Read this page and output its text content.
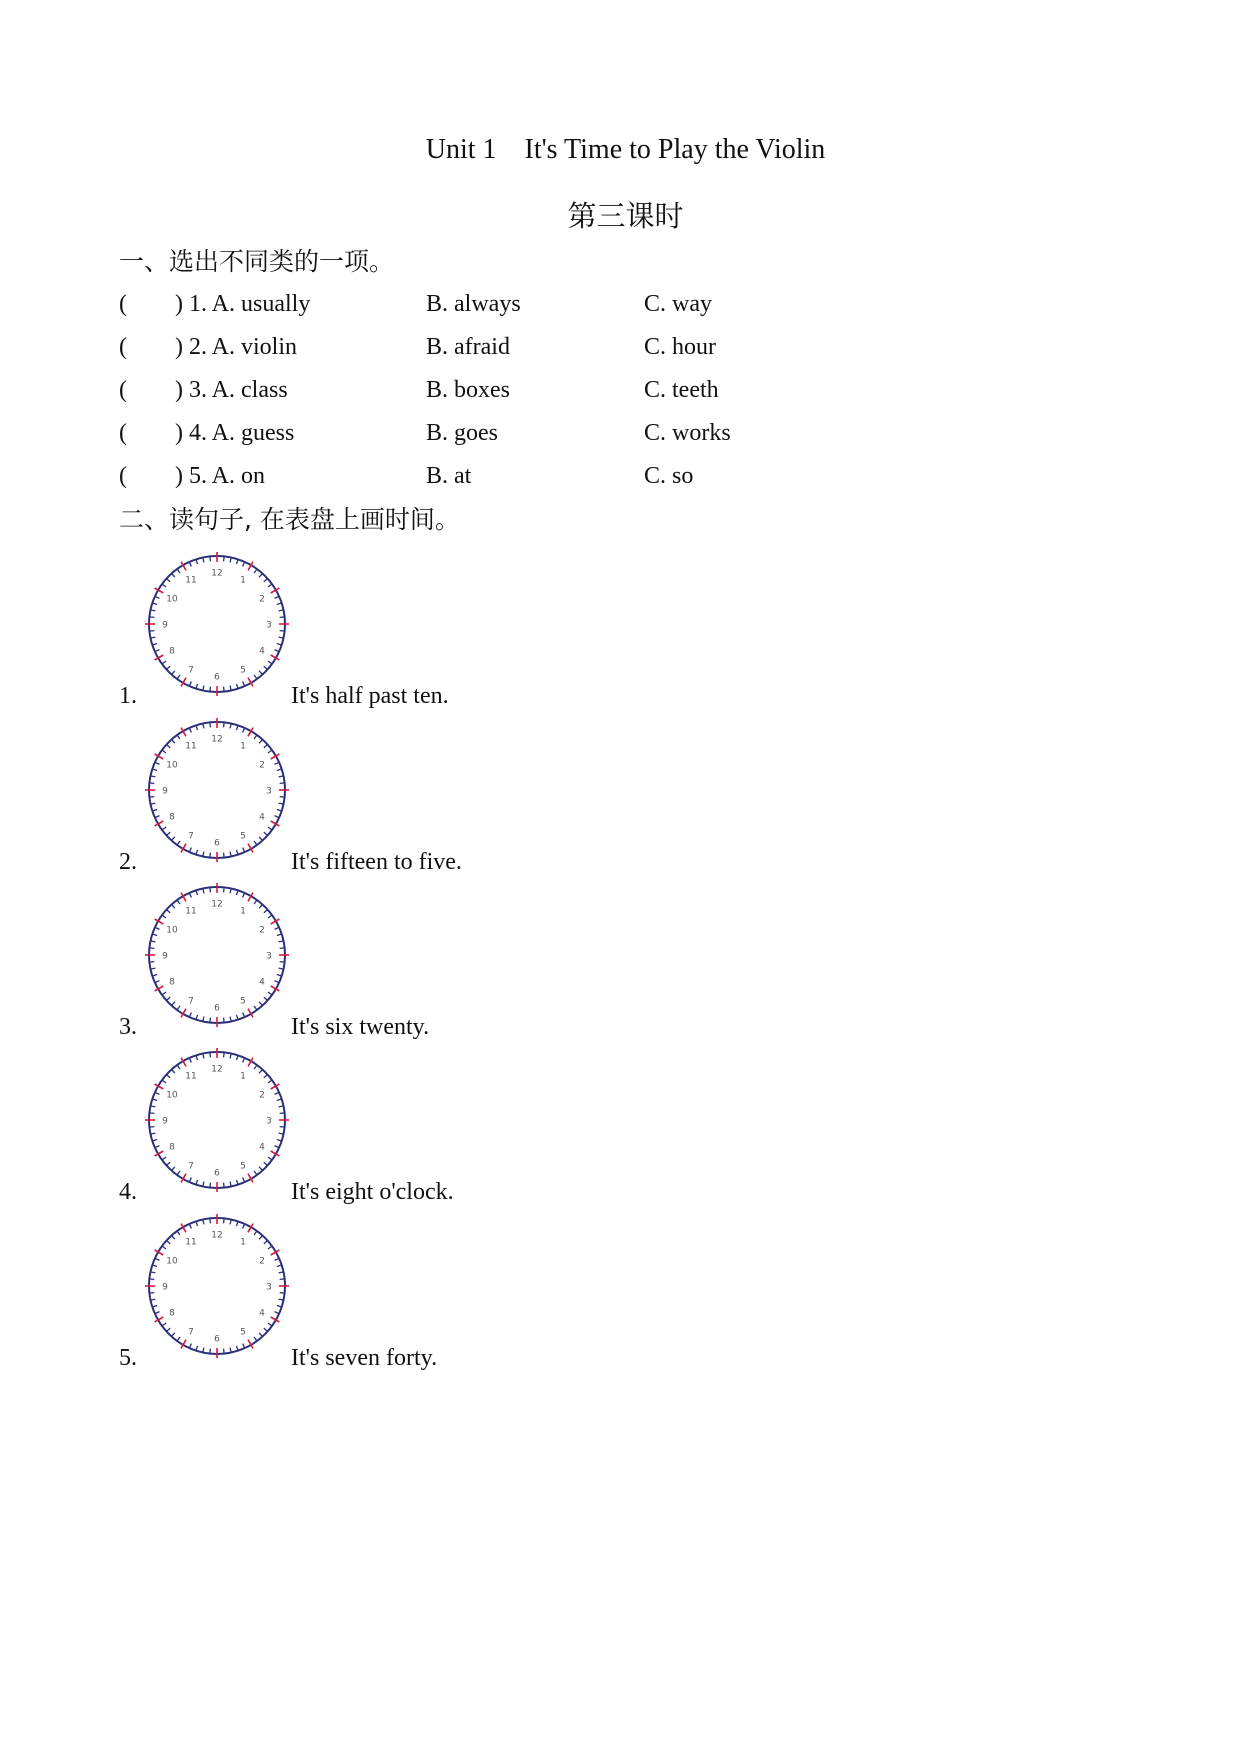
Unit 1    It's Time to Play the Violin
第三课时
一、选出不同类的一项。
( ) 1. A. usually	B. always	C. way
( ) 2. A. violin	B. afraid	C. hour
( ) 3. A. class	B. boxes	C. teeth
( ) 4. A. guess	B. goes	C. works
( ) 5. A. on	B. at	C. so
二、读句子, 在表盘上画时间。
1.
12
1
2
3
4
5
6
7
8
9
10
11
It's half past ten.
2.
12
1
2
3
4
5
6
7
8
9
10
11
It's fifteen to five.
3.
12
1
2
3
4
5
6
7
8
9
10
11
It's six twenty.
4.
12
1
2
3
4
5
6
7
8
9
10
11
It's eight o'clock.
5.
12
1
2
3
4
5
6
7
8
9
10
11
It's seven forty.
